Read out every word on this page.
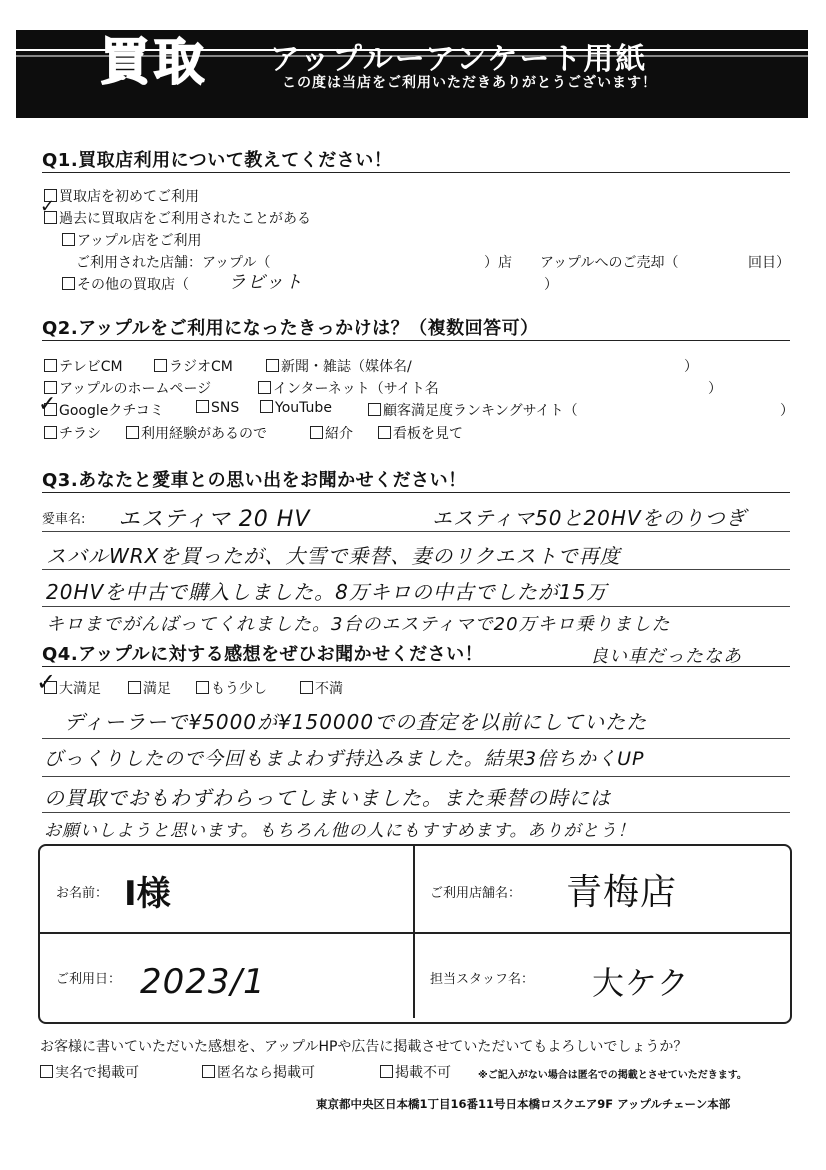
買取 アップルーアンケート用紙
この度は当店をご利用いただきありがとうございます！
Q1.買取店利用について教えてください！
買取店を初めてご利用
過去に買取店をご利用されたことがある
✓
アップル店をご利用
ご利用された店舗：アップル（	）店 アップルへのご売却（	回目）
その他の買取店（ ラビット	）
Q2.アップルをご利用になったきっかけは？（複数回答可）
テレビCM	ラジオCM	新聞・雑誌（媒体名/	）
アップルのホームページ	インターネット（サイト名	）
Googleクチコミ
✓	SNS	YouTube	顧客満足度ランキングサイト（	）
チラシ	利用経験があるので	紹介	看板を見て
Q3.あなたと愛車との思い出をお聞かせください！
愛車名: エスティマ 20 HV	エスティマ50と20HVをのりつぎ
スバルWRXを買ったが、大雪で乗替、妻のリクエストで再度
20HVを中古で購入しました。8万キロの中古でしたが15万
キロまでがんばってくれました。3台のエスティマで20万キロ乗りました
Q4.アップルに対する感想をぜひお聞かせください！	良い車だったなあ
大満足
✓	満足	もう少し	不満
ディーラーで¥5000が¥150000での査定を以前にしていたた
びっくりしたので今回もまよわず持込みました。結果3倍ちかくUP
の買取でおもわずわらってしまいました。また乗替の時には
お願いしようと思います。もちろん他の人にもすすめます。ありがとう！
お名前： I様	ご利用店舗名： 青梅店
ご利用日： 2023/1	担当スタッフ名： 大ケク
お客様に書いていただいた感想を、アップルHPや広告に掲載させていただいてもよろしいでしょうか？
実名で掲載可	匿名なら掲載可	掲載不可	※ご記入がない場合は匿名での掲載とさせていただきます。
東京都中央区日本橋1丁目16番11号日本橋ロスクエア9F アップルチェーン本部
